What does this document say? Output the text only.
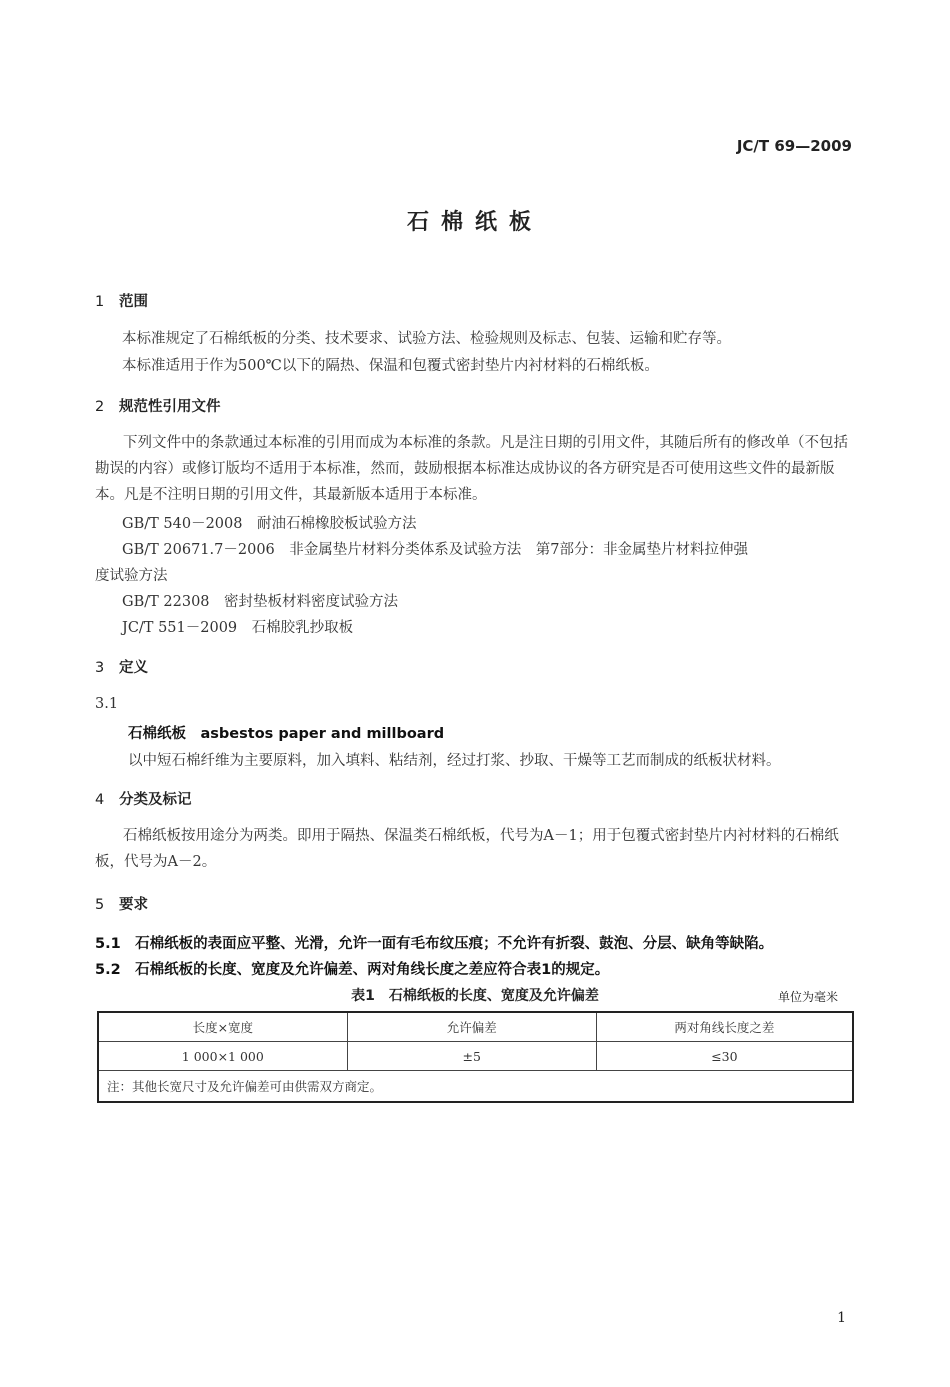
JC/T 69—2009
石棉纸板
1 范围
本标准规定了石棉纸板的分类、技术要求、试验方法、检验规则及标志、包装、运输和贮存等。
本标准适用于作为500℃以下的隔热、保温和包覆式密封垫片内衬材料的石棉纸板。
2 规范性引用文件
下列文件中的条款通过本标准的引用而成为本标准的条款。凡是注日期的引用文件，其随后所有的修改单（不包括勘误的内容）或修订版均不适用于本标准，然而，鼓励根据本标准达成协议的各方研究是否可使用这些文件的最新版本。凡是不注明日期的引用文件，其最新版本适用于本标准。
GB/T 540－2008　耐油石棉橡胶板试验方法
GB/T 20671.7－2006　非金属垫片材料分类体系及试验方法　第7部分：非金属垫片材料拉伸强
度试验方法
GB/T 22308　密封垫板材料密度试验方法
JC/T 551－2009　石棉胶乳抄取板
3 定义
3.1
石棉纸板　asbestos paper and millboard
以中短石棉纤维为主要原料，加入填料、粘结剂，经过打浆、抄取、干燥等工艺而制成的纸板状材料。
4 分类及标记
石棉纸板按用途分为两类。即用于隔热、保温类石棉纸板，代号为A－1；用于包覆式密封垫片内衬材料的石棉纸板，代号为A－2。
5 要求
5.1　石棉纸板的表面应平整、光滑，允许一面有毛布纹压痕；不允许有折裂、鼓泡、分层、缺角等缺陷。
5.2　石棉纸板的长度、宽度及允许偏差、两对角线长度之差应符合表1的规定。
表1　石棉纸板的长度、宽度及允许偏差	单位为毫米
长度×宽度	允许偏差	两对角线长度之差
1 000×1 000	±5	≤30
注：其他长宽尺寸及允许偏差可由供需双方商定。		
1
